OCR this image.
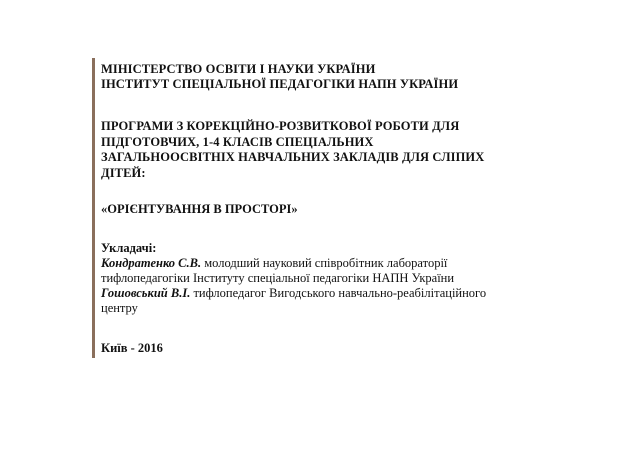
МІНІСТЕРСТВО ОСВІТИ І НАУКИ УКРАЇНИ
ІНСТИТУТ СПЕЦІАЛЬНОЇ ПЕДАГОГІКИ НАПН УКРАЇНИ
ПРОГРАМИ З КОРЕКЦІЙНО-РОЗВИТКОВОЇ РОБОТИ ДЛЯ
ПІДГОТОВЧИХ, 1-4 КЛАСІВ СПЕЦІАЛЬНИХ
ЗАГАЛЬНООСВІТНІХ НАВЧАЛЬНИХ ЗАКЛАДІВ ДЛЯ СЛІПИХ
ДІТЕЙ:
«ОРІЄНТУВАННЯ В ПРОСТОРІ»
Укладачі:
Кондратенко С.В. молодший науковий співробітник лабораторії
тифлопедагогіки Інституту спеціальної педагогіки НАПН України
Гошовський В.І. тифлопедагог Вигодського навчально-реабілітаційного
центру
Київ - 2016
